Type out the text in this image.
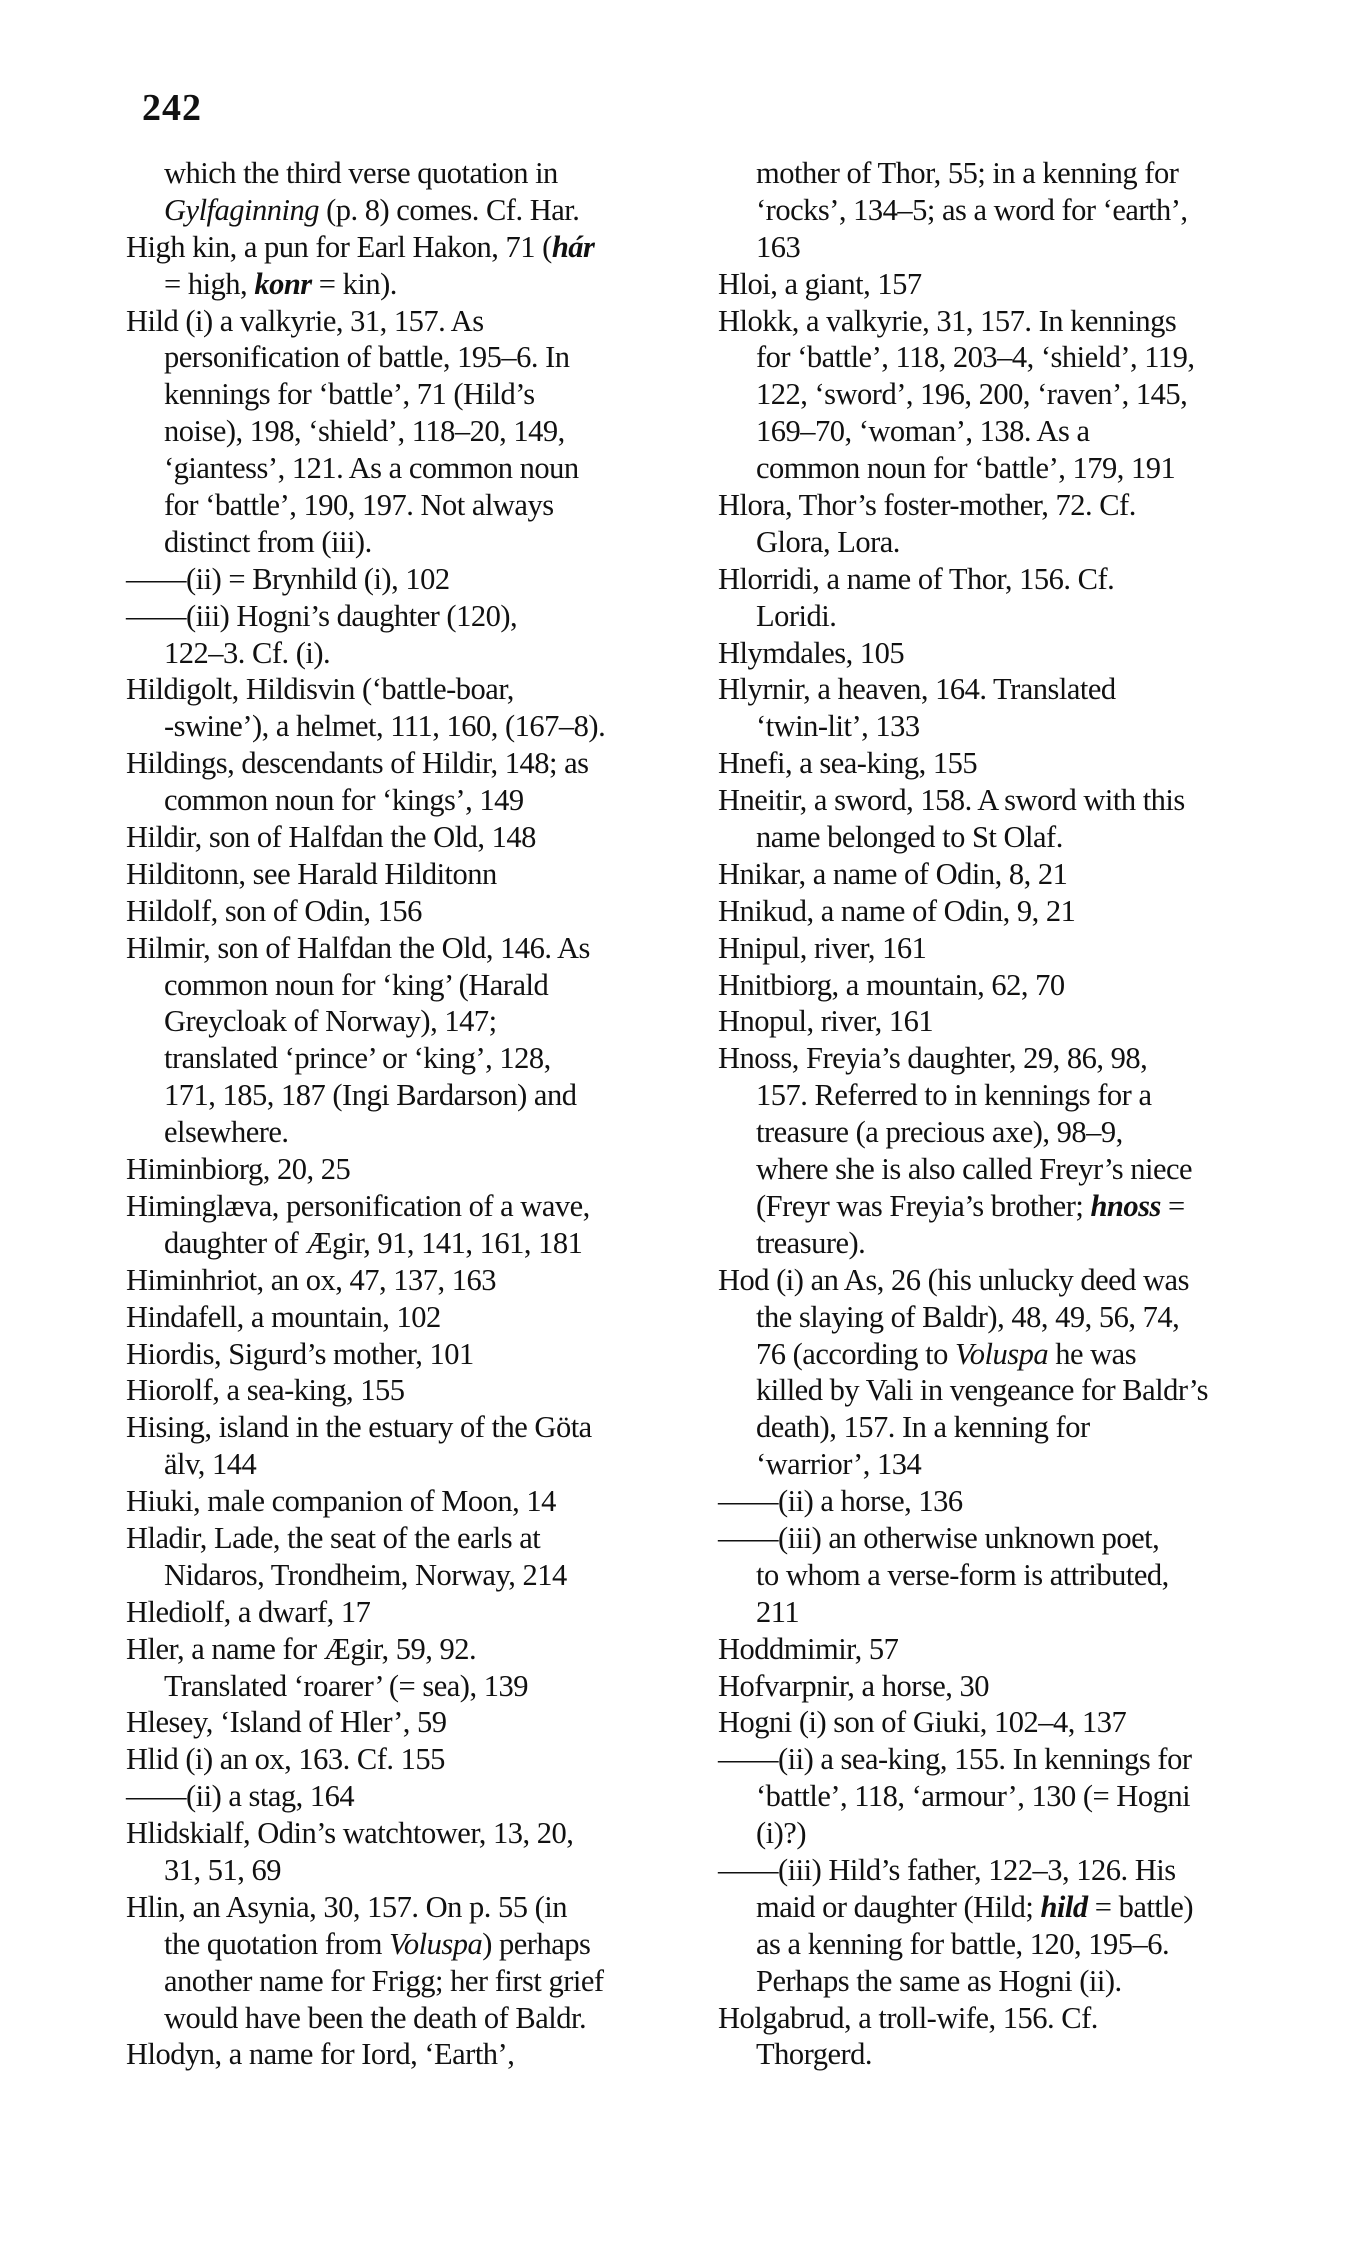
242
which the third verse quotation in
Gylfaginning (p. 8) comes. Cf. Har.
High kin, a pun for Earl Hakon, 71 (hár
= high, konr = kin).
Hild (i) a valkyrie, 31, 157. As
personification of battle, 195–6. In
kennings for ‘battle’, 71 (Hild’s
noise), 198, ‘shield’, 118–20, 149,
‘giantess’, 121. As a common noun
for ‘battle’, 190, 197. Not always
distinct from (iii).
——(ii) = Brynhild (i), 102
——(iii) Hogni’s daughter (120),
122–3. Cf. (i).
Hildigolt, Hildisvin (‘battle-boar,
-swine’), a helmet, 111, 160, (167–8).
Hildings, descendants of Hildir, 148; as
common noun for ‘kings’, 149
Hildir, son of Halfdan the Old, 148
Hilditonn, see Harald Hilditonn
Hildolf, son of Odin, 156
Hilmir, son of Halfdan the Old, 146. As
common noun for ‘king’ (Harald
Greycloak of Norway), 147;
translated ‘prince’ or ‘king’, 128,
171, 185, 187 (Ingi Bardarson) and
elsewhere.
Himinbiorg, 20, 25
Himinglæva, personification of a wave,
daughter of Ægir, 91, 141, 161, 181
Himinhriot, an ox, 47, 137, 163
Hindafell, a mountain, 102
Hiordis, Sigurd’s mother, 101
Hiorolf, a sea-king, 155
Hising, island in the estuary of the Göta
älv, 144
Hiuki, male companion of Moon, 14
Hladir, Lade, the seat of the earls at
Nidaros, Trondheim, Norway, 214
Hlediolf, a dwarf, 17
Hler, a name for Ægir, 59, 92.
Translated ‘roarer’ (= sea), 139
Hlesey, ‘Island of Hler’, 59
Hlid (i) an ox, 163. Cf. 155
——(ii) a stag, 164
Hlidskialf, Odin’s watchtower, 13, 20,
31, 51, 69
Hlin, an Asynia, 30, 157. On p. 55 (in
the quotation from Voluspa) perhaps
another name for Frigg; her first grief
would have been the death of Baldr.
Hlodyn, a name for Iord, ‘Earth’,
mother of Thor, 55; in a kenning for
‘rocks’, 134–5; as a word for ‘earth’,
163
Hloi, a giant, 157
Hlokk, a valkyrie, 31, 157. In kennings
for ‘battle’, 118, 203–4, ‘shield’, 119,
122, ‘sword’, 196, 200, ‘raven’, 145,
169–70, ‘woman’, 138. As a
common noun for ‘battle’, 179, 191
Hlora, Thor’s foster-mother, 72. Cf.
Glora, Lora.
Hlorridi, a name of Thor, 156. Cf.
Loridi.
Hlymdales, 105
Hlyrnir, a heaven, 164. Translated
‘twin-lit’, 133
Hnefi, a sea-king, 155
Hneitir, a sword, 158. A sword with this
name belonged to St Olaf.
Hnikar, a name of Odin, 8, 21
Hnikud, a name of Odin, 9, 21
Hnipul, river, 161
Hnitbiorg, a mountain, 62, 70
Hnopul, river, 161
Hnoss, Freyia’s daughter, 29, 86, 98,
157. Referred to in kennings for a
treasure (a precious axe), 98–9,
where she is also called Freyr’s niece
(Freyr was Freyia’s brother; hnoss =
treasure).
Hod (i) an As, 26 (his unlucky deed was
the slaying of Baldr), 48, 49, 56, 74,
76 (according to Voluspa he was
killed by Vali in vengeance for Baldr’s
death), 157. In a kenning for
‘warrior’, 134
——(ii) a horse, 136
——(iii) an otherwise unknown poet,
to whom a verse-form is attributed,
211
Hoddmimir, 57
Hofvarpnir, a horse, 30
Hogni (i) son of Giuki, 102–4, 137
——(ii) a sea-king, 155. In kennings for
‘battle’, 118, ‘armour’, 130 (= Hogni
(i)?)
——(iii) Hild’s father, 122–3, 126. His
maid or daughter (Hild; hild = battle)
as a kenning for battle, 120, 195–6.
Perhaps the same as Hogni (ii).
Holgabrud, a troll-wife, 156. Cf.
Thorgerd.
